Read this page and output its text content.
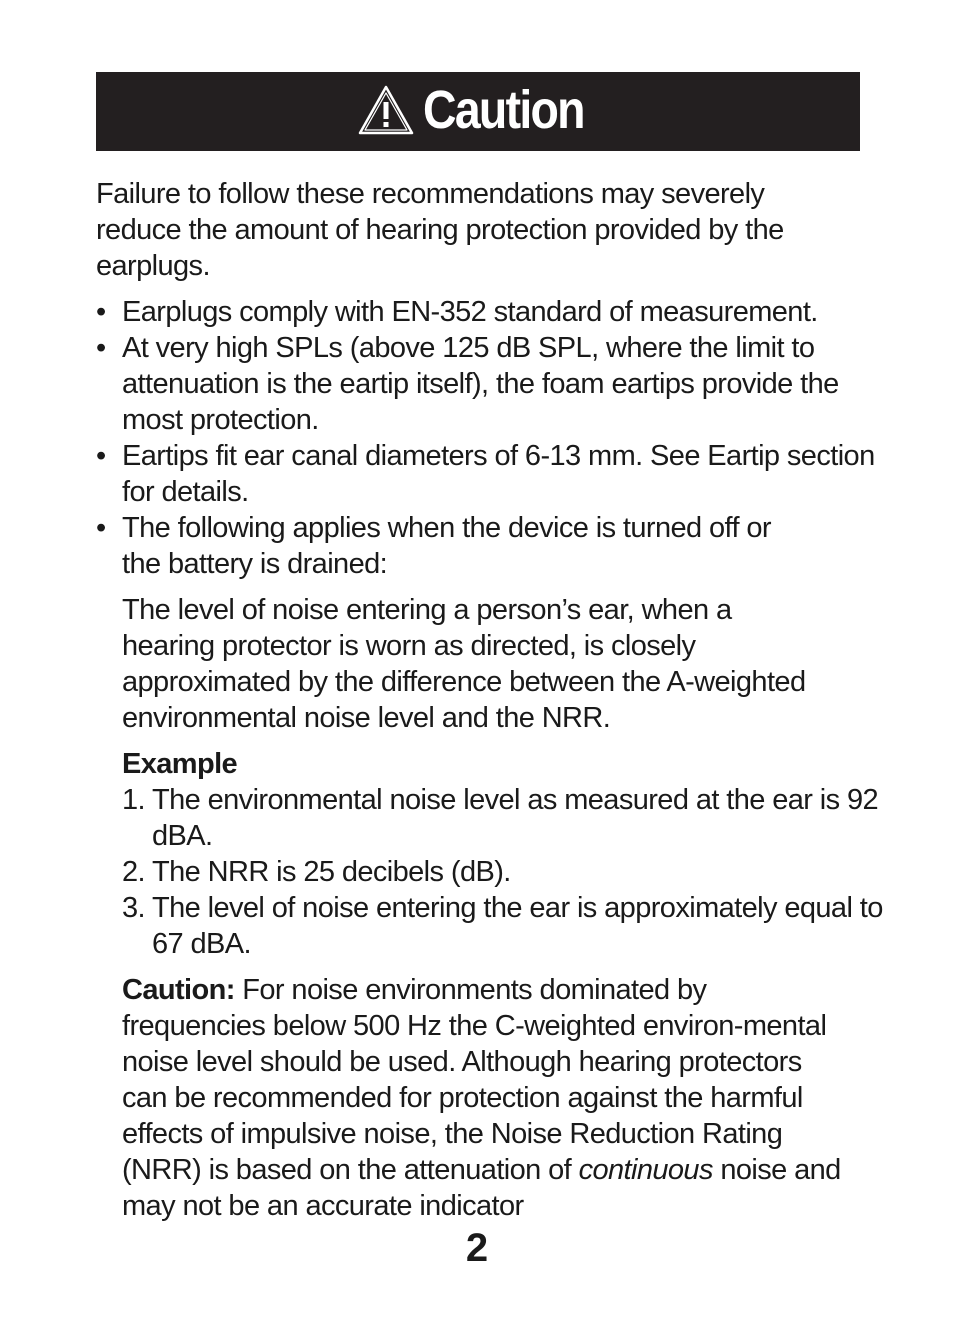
Caution

Failure to follow these recommendations may severely reduce the amount of hearing protection provided by the earplugs.

• Earplugs comply with EN-352 standard of measurement.
• At very high SPLs (above 125 dB SPL, where the limit to attenuation is the eartip itself), the foam eartips provide the most protection.
• Eartips fit ear canal diameters of 6-13 mm. See Eartip section for details.
• The following applies when the device is turned off or the battery is drained:

The level of noise entering a person’s ear, when a hearing protector is worn as directed, is closely approximated by the difference between the A-weighted environmental noise level and the NRR.

Example

1. The environmental noise level as measured at the ear is 92 dBA.
2. The NRR is 25 decibels (dB).
3. The level of noise entering the ear is approximately equal to 67 dBA.

Caution: For noise environments dominated by frequencies below 500 Hz the C-weighted environ-mental noise level should be used. Although hearing protectors can be recommended for protection against the harmful effects of impulsive noise, the Noise Reduction Rating (NRR) is based on the attenuation of continuous noise and may not be an accurate indicator

2
